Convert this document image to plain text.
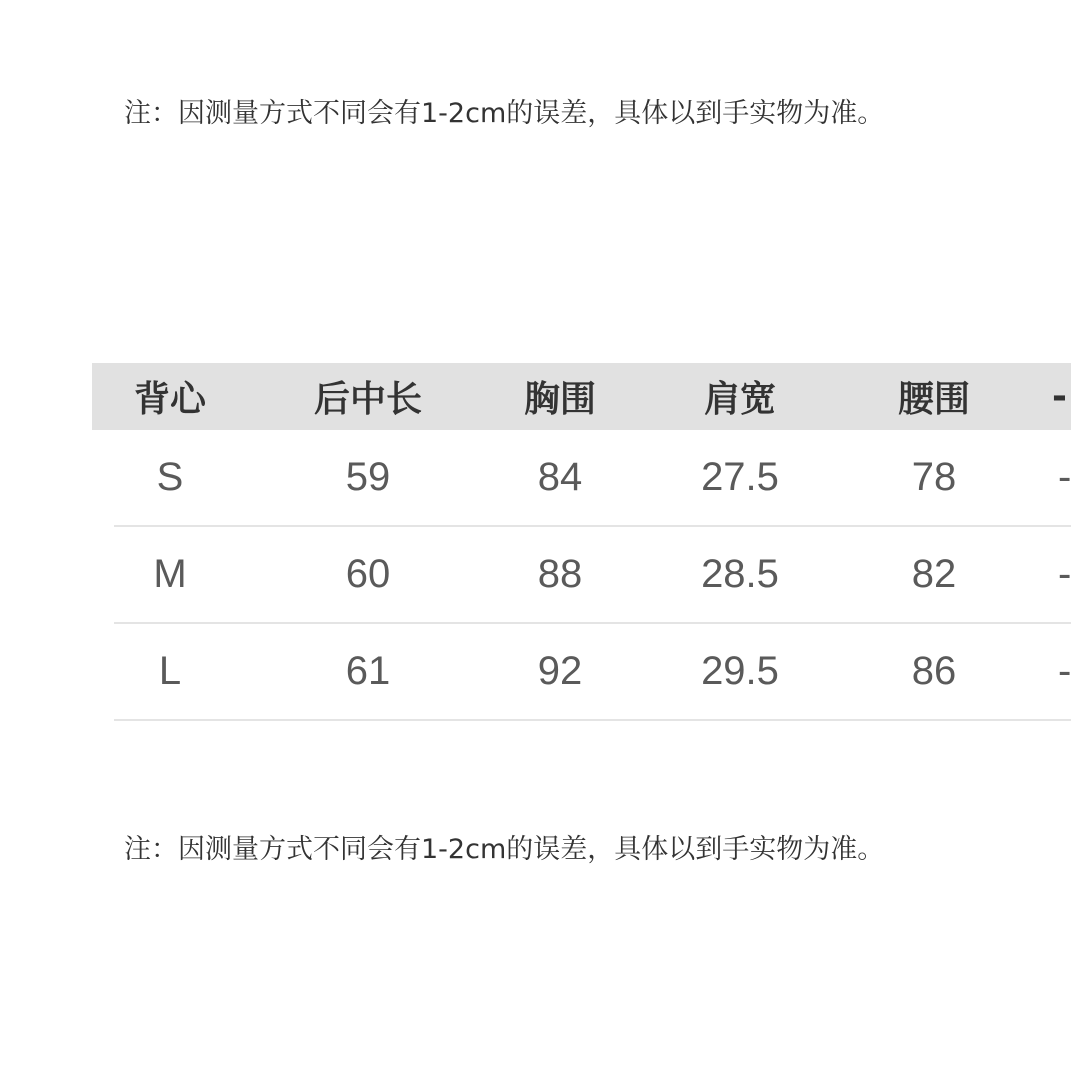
注：因测量方式不同会有1-2cm的误差，具体以到手实物为准。
背心	后中长	胸围	肩宽	腰围	-
S	59	84	27.5	78	-
M	60	88	28.5	82	-
L	61	92	29.5	86	-
注：因测量方式不同会有1-2cm的误差，具体以到手实物为准。
